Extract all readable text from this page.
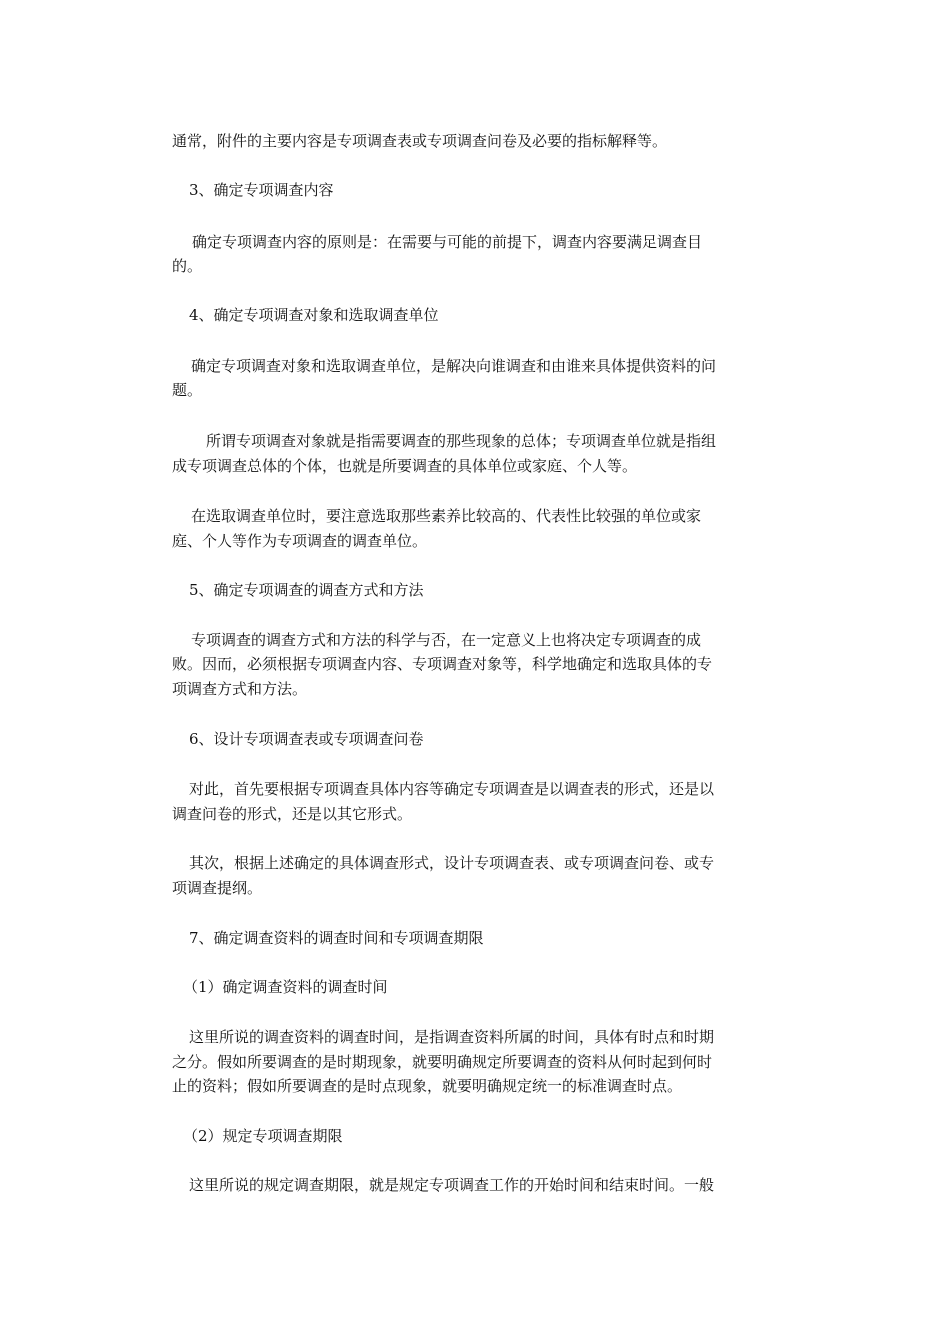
通常，附件的主要内容是专项调查表或专项调查问卷及必要的指标解释等。
3、确定专项调查内容
确定专项调查内容的原则是：在需要与可能的前提下，调查内容要满足调查目
的。
4、确定专项调查对象和选取调查单位
确定专项调查对象和选取调查单位，是解决向谁调查和由谁来具体提供资料的问
题。
所谓专项调查对象就是指需要调查的那些现象的总体；专项调查单位就是指组
成专项调查总体的个体，也就是所要调查的具体单位或家庭、个人等。
在选取调查单位时，要注意选取那些素养比较高的、代表性比较强的单位或家
庭、个人等作为专项调查的调查单位。
5、确定专项调查的调查方式和方法
专项调查的调查方式和方法的科学与否，在一定意义上也将决定专项调查的成
败。因而，必须根据专项调查内容、专项调查对象等，科学地确定和选取具体的专
项调查方式和方法。
6、设计专项调查表或专项调查问卷
对此，首先要根据专项调查具体内容等确定专项调查是以调查表的形式，还是以
调查问卷的形式，还是以其它形式。
其次，根据上述确定的具体调查形式，设计专项调查表、或专项调查问卷、或专
项调查提纲。
7、确定调查资料的调查时间和专项调查期限
（1）确定调查资料的调查时间
这里所说的调查资料的调查时间，是指调查资料所属的时间，具体有时点和时期
之分。假如所要调查的是时期现象，就要明确规定所要调查的资料从何时起到何时
止的资料；假如所要调查的是时点现象，就要明确规定统一的标准调查时点。
（2）规定专项调查期限
这里所说的规定调查期限，就是规定专项调查工作的开始时间和结束时间。一般
